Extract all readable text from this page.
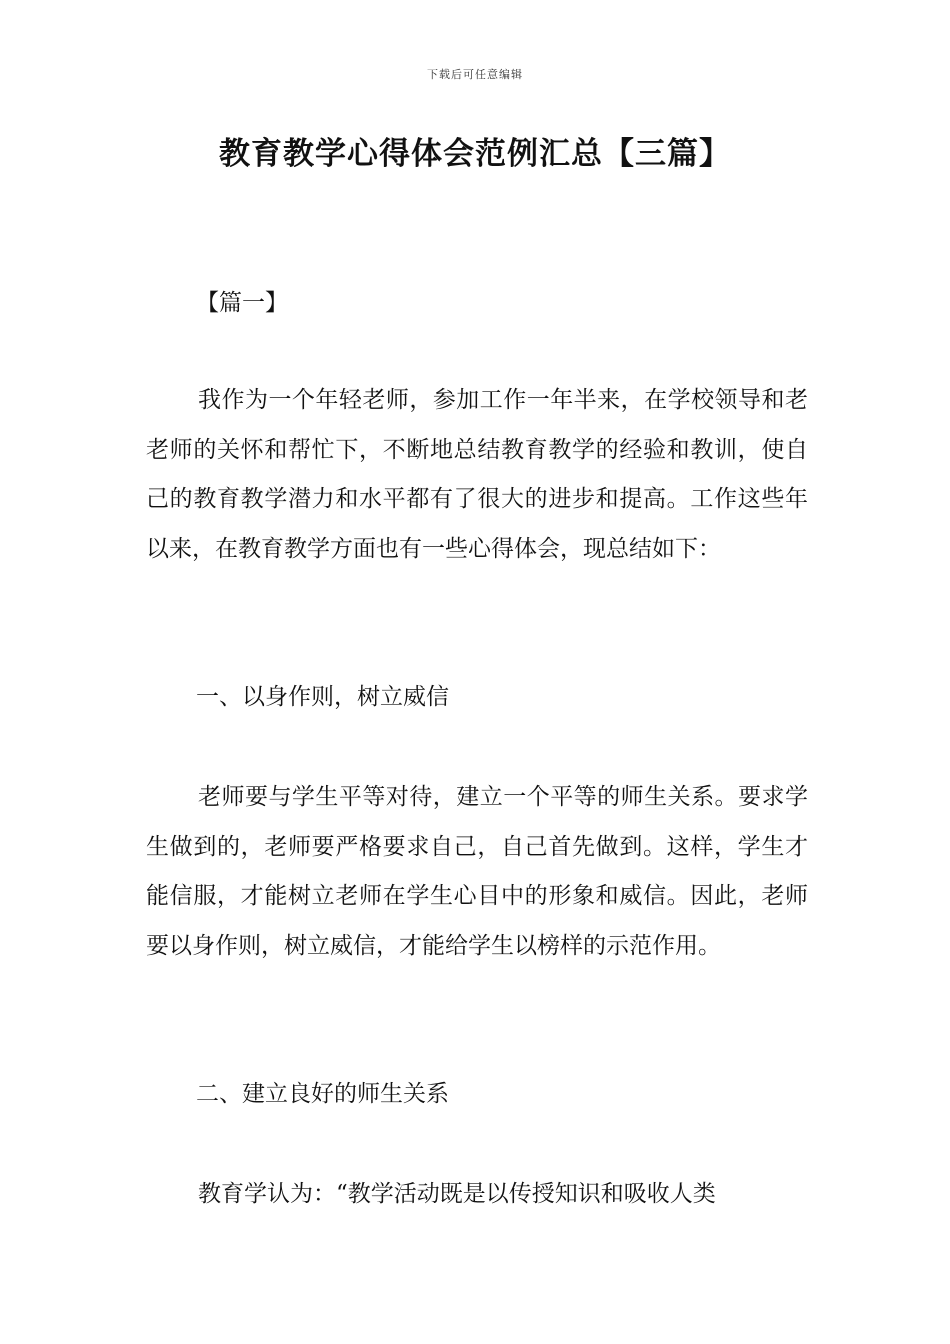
下载后可任意编辑
教育教学心得体会范例汇总【三篇】

【篇一】

我作为一个年轻老师，参加工作一年半来，在学校领导和老老师的关怀和帮忙下，不断地总结教育教学的经验和教训，使自己的教育教学潜力和水平都有了很大的进步和提高。工作这些年以来，在教育教学方面也有一些心得体会，现总结如下：

一、以身作则，树立威信

老师要与学生平等对待，建立一个平等的师生关系。要求学生做到的，老师要严格要求自己，自己首先做到。这样，学生才能信服，才能树立老师在学生心目中的形象和威信。因此，老师要以身作则，树立威信，才能给学生以榜样的示范作用。

二、建立良好的师生关系

教育学认为：“教学活动既是以传授知识和吸收人类
